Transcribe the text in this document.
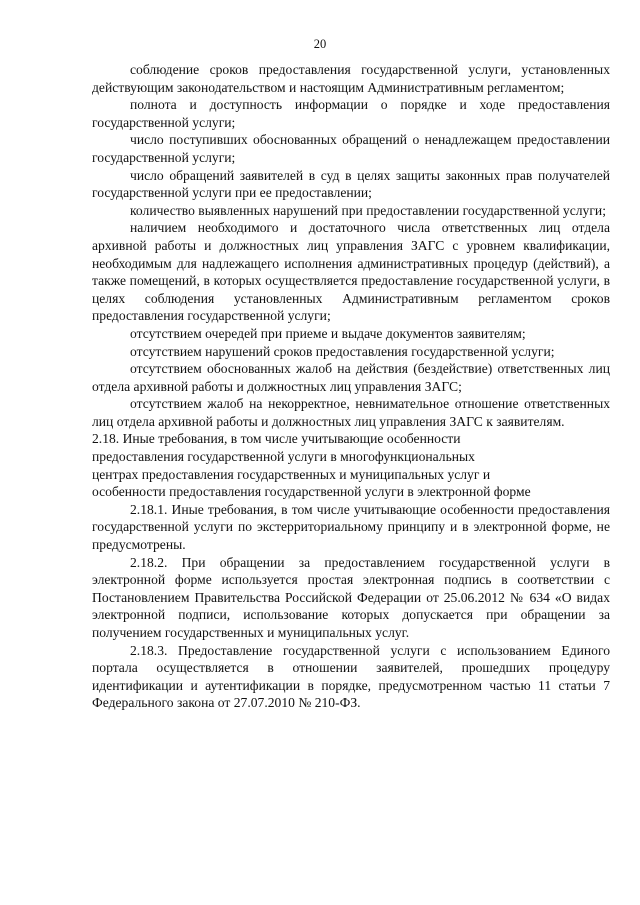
20

соблюдение сроков предоставления государственной услуги, установленных действующим законодательством и настоящим Административным регламентом;

полнота и доступность информации о порядке и ходе предоставления государственной услуги;

число поступивших обоснованных обращений о ненадлежащем предоставлении государственной услуги;

число обращений заявителей в суд в целях защиты законных прав получателей государственной услуги при ее предоставлении;

количество выявленных нарушений при предоставлении государственной услуги;

наличием необходимого и достаточного числа ответственных лиц отдела архивной работы и должностных лиц управления ЗАГС с уровнем квалификации, необходимым для надлежащего исполнения административных процедур (действий), а также помещений, в которых осуществляется предоставление государственной услуги, в целях соблюдения установленных Административным регламентом сроков предоставления государственной услуги;

отсутствием очередей при приеме и выдаче документов заявителям;

отсутствием нарушений сроков предоставления государственной услуги;

отсутствием обоснованных жалоб на действия (бездействие) ответственных лиц отдела архивной работы и должностных лиц управления ЗАГС;

отсутствием жалоб на некорректное, невнимательное отношение ответственных лиц отдела архивной работы и должностных лиц управления ЗАГС к заявителям.

2.18. Иные требования, в том числе учитывающие особенности
предоставления государственной услуги в многофункциональных
центрах предоставления государственных и муниципальных услуг и
особенности предоставления государственной услуги в электронной форме

2.18.1. Иные требования, в том числе учитывающие особенности предоставления государственной услуги по экстерриториальному принципу и в электронной форме, не предусмотрены.

2.18.2. При обращении за предоставлением государственной услуги в электронной форме используется простая электронная подпись в соответствии с Постановлением Правительства Российской Федерации от 25.06.2012 № 634 «О видах электронной подписи, использование которых допускается при обращении за получением государственных и муниципальных услуг.

2.18.3. Предоставление государственной услуги с использованием Единого портала осуществляется в отношении заявителей, прошедших процедуру идентификации и аутентификации в порядке, предусмотренном частью 11 статьи 7 Федерального закона от 27.07.2010 № 210-ФЗ.
